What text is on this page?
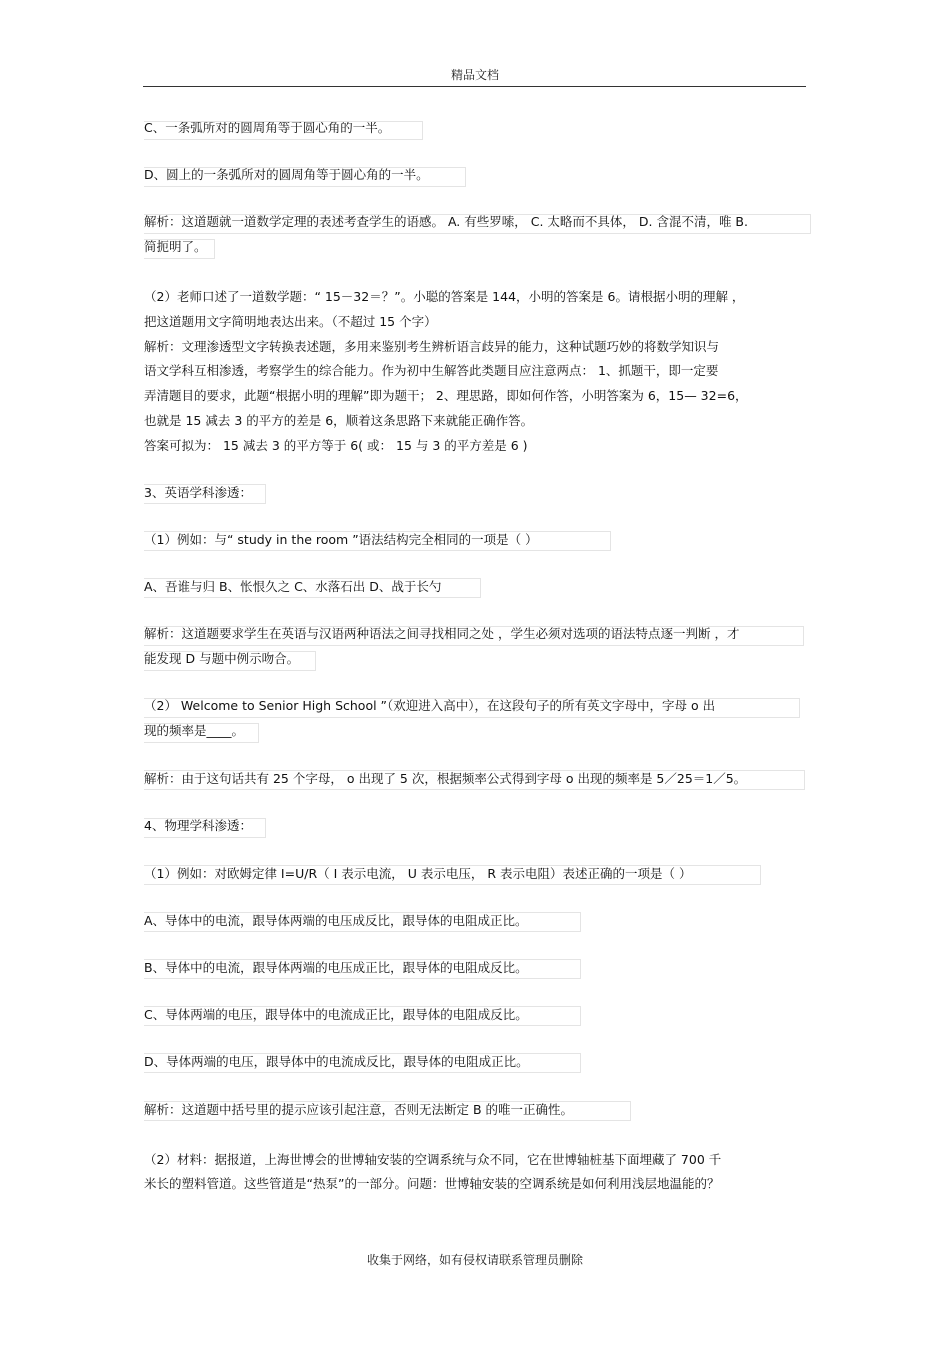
精品文档
C、一条弧所对的圆周角等于圆心角的一半。
D、圆上的一条弧所对的圆周角等于圆心角的一半。
解析：这道题就一道数学定理的表述考查学生的语感。 A. 有些罗嗦， C. 太略而不具体， D. 含混不清，唯 B.
简扼明了。
（2）老师口述了一道数学题：“ 15－32＝？”。小聪的答案是 144，小明的答案是 6。请根据小明的理解 ，
把这道题用文字简明地表达出来。（不超过 15 个字）
解析：文理渗透型文字转换表述题，多用来鉴别考生辨析语言歧异的能力，这种试题巧妙的将数学知识与
语文学科互相渗透，考察学生的综合能力。作为初中生解答此类题目应注意两点： 1、抓题干，即一定要
弄清题目的要求，此题“根据小明的理解”即为题干； 2、理思路，即如何作答，小明答案为 6，15— 32=6，
也就是 15 减去 3 的平方的差是 6，顺着这条思路下来就能正确作答。
答案可拟为： 15 减去 3 的平方等于 6( 或： 15 与 3 的平方差是 6 )
3、英语学科渗透：
（1）例如：与“ study in the room ”语法结构完全相同的一项是（ ）
A、吾谁与归 B、怅恨久之 C、水落石出 D、战于长勺
解析：这道题要求学生在英语与汉语两种语法之间寻找相同之处 ，学生必须对选项的语法特点逐一判断 ，才
能发现 D 与题中例示吻合。
（2） Welcome to Senior High School ”（欢迎进入高中），在这段句子的所有英文字母中，字母 o 出
现的频率是____。
解析：由于这句话共有 25 个字母， o 出现了 5 次，根据频率公式得到字母 o 出现的频率是 5／25＝1／5。
4、物理学科渗透：
（1）例如：对欧姆定律 I=U/R（ I 表示电流， U 表示电压， R 表示电阻）表述正确的一项是（ ）
A、导体中的电流，跟导体两端的电压成反比，跟导体的电阻成正比。
B、导体中的电流，跟导体两端的电压成正比，跟导体的电阻成反比。
C、导体两端的电压，跟导体中的电流成正比，跟导体的电阻成反比。
D、导体两端的电压，跟导体中的电流成反比，跟导体的电阻成正比。
解析：这道题中括号里的提示应该引起注意，否则无法断定 B 的唯一正确性。
（2）材料：据报道，上海世博会的世博轴安装的空调系统与众不同，它在世博轴桩基下面埋藏了 700 千
米长的塑料管道。这些管道是“热泵”的一部分。问题：世博轴安装的空调系统是如何利用浅层地温能的？
收集于网络，如有侵权请联系管理员删除
